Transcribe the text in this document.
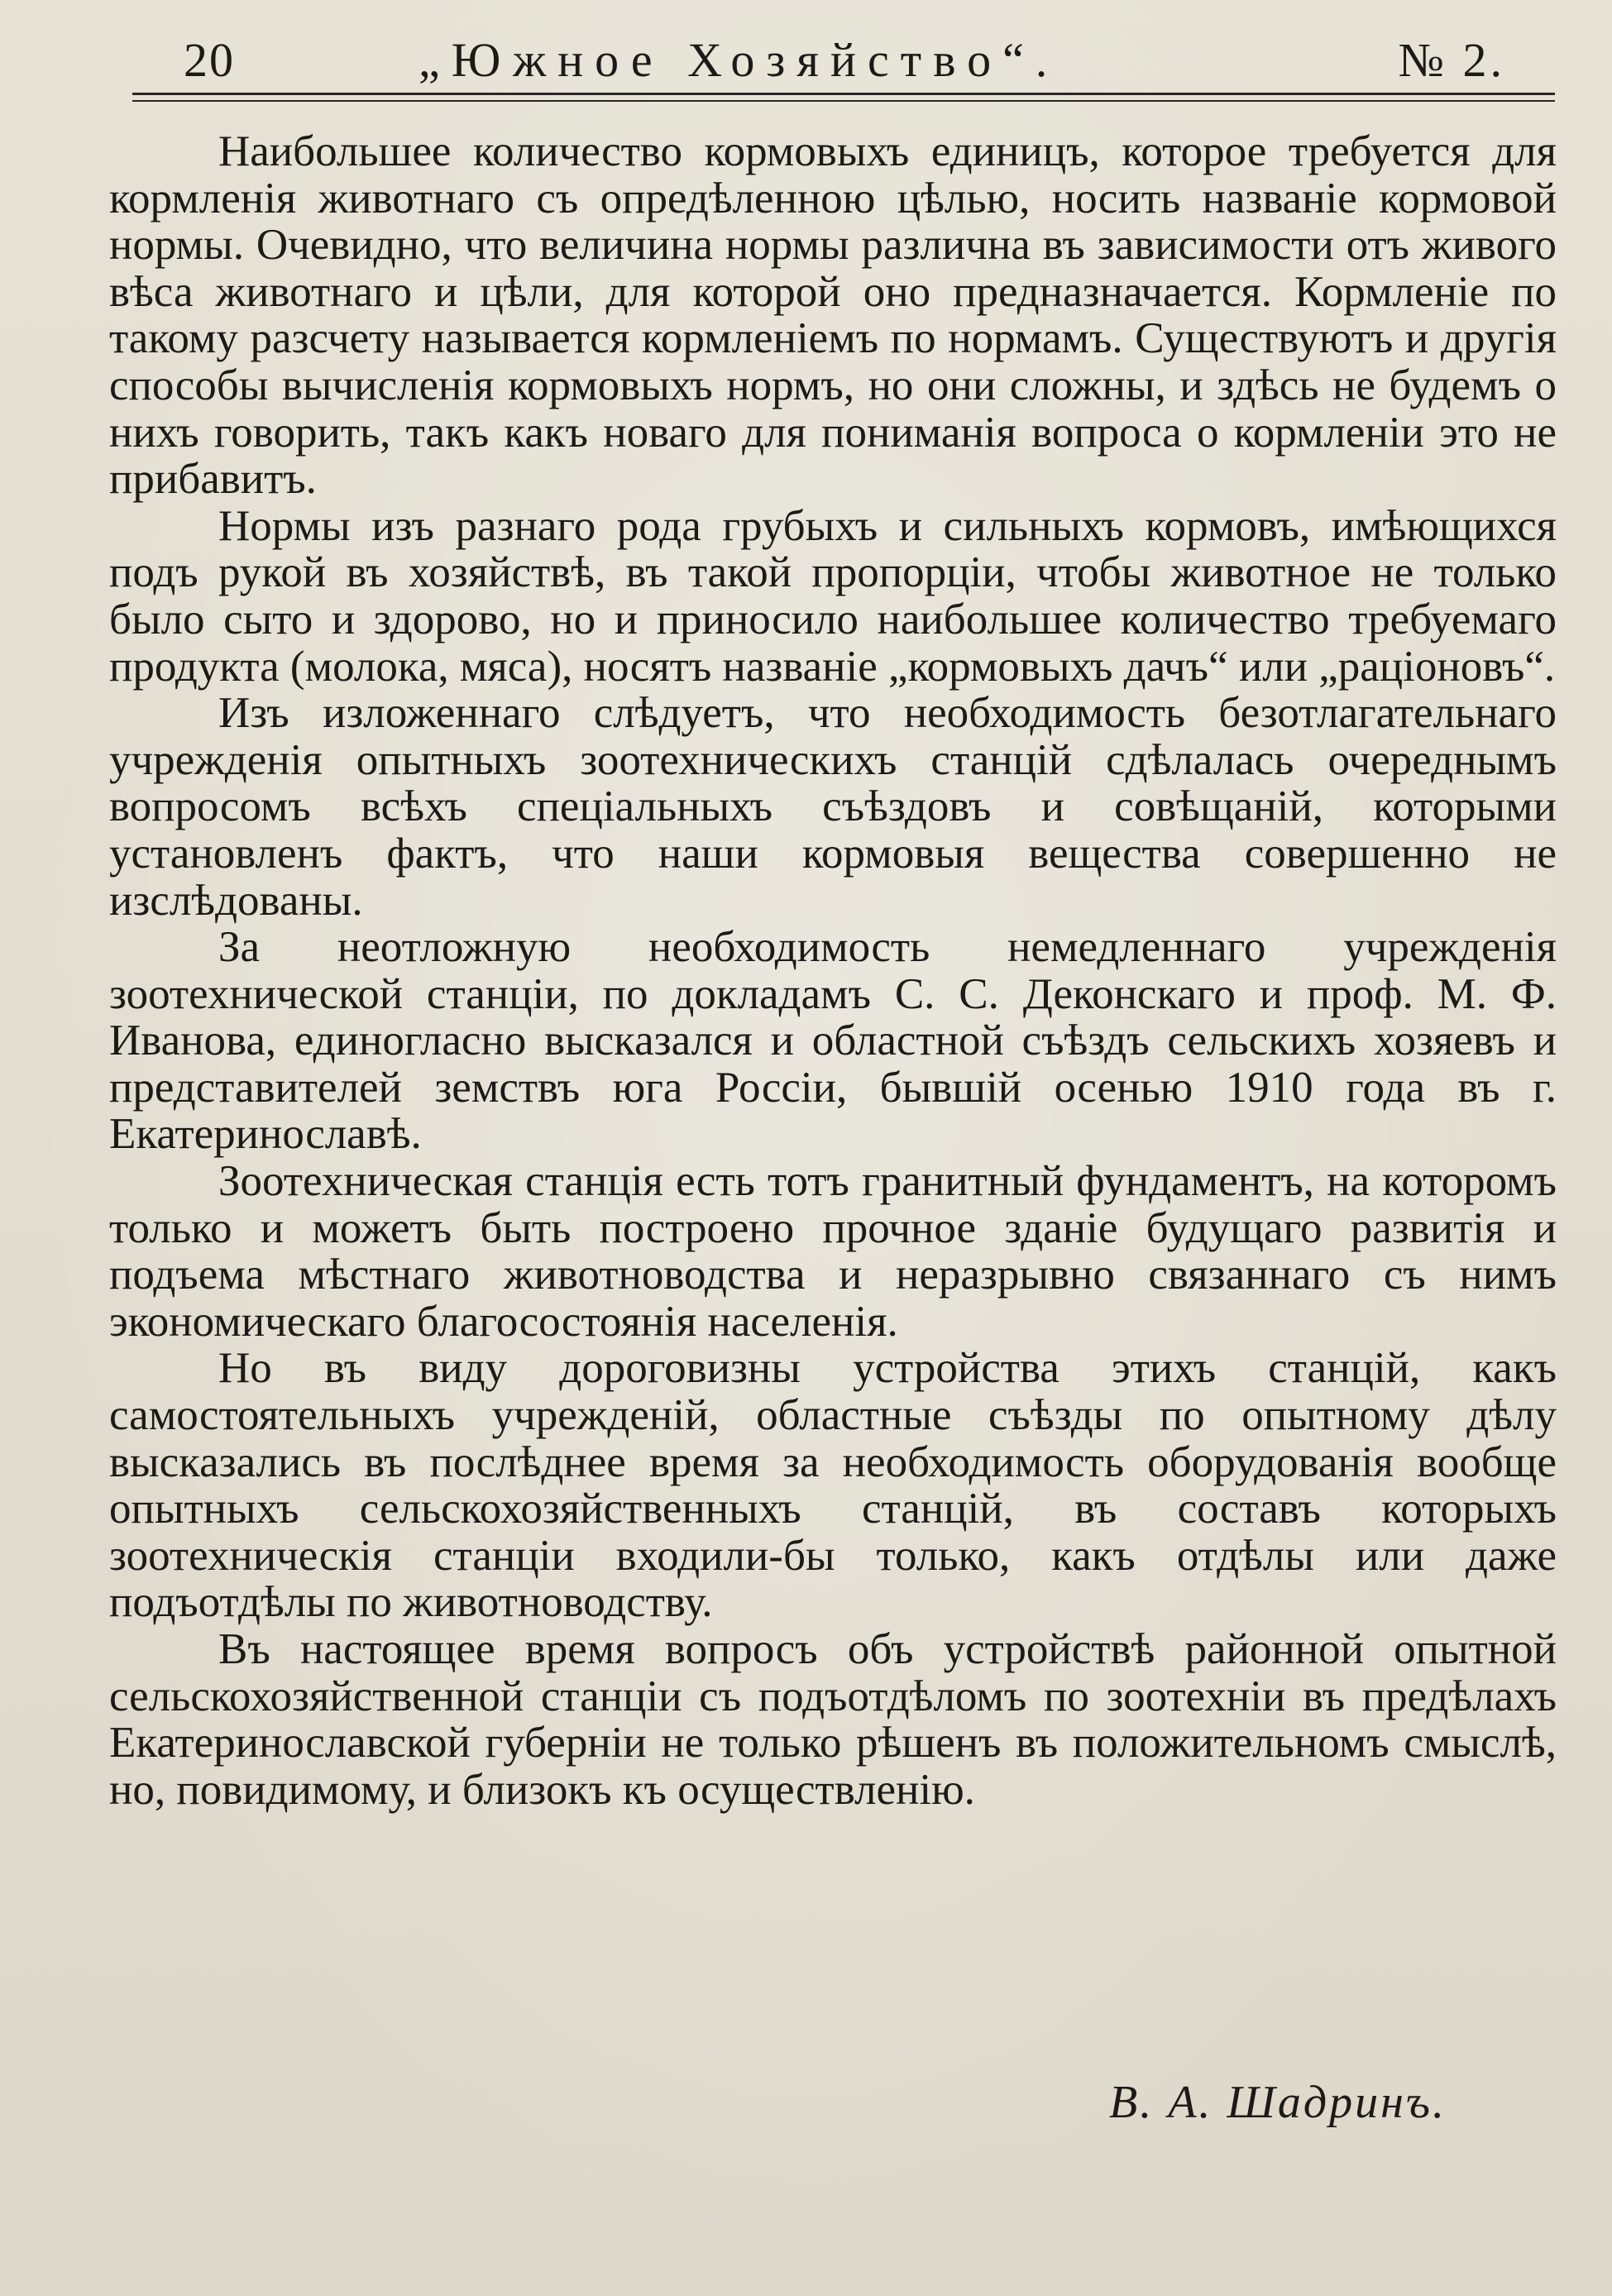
20	„Южное Хозяйство“.	№ 2.

Наибольшее количество кормовыхъ единицъ, которое требуется для кормленія животнаго съ опредѣленною цѣлью, носить названіе кормовой нормы. Очевидно, что величина нормы различна въ зависимости отъ живого вѣса животнаго и цѣли, для которой оно предназначается. Кормленіе по такому разсчету называется кормленіемъ по нормамъ. Существуютъ и другія способы вычисленія кормовыхъ нормъ, но они сложны, и здѣсь не будемъ о нихъ говорить, такъ какъ новаго для пониманія вопроса о кормленіи это не прибавитъ.

Нормы изъ разнаго рода грубыхъ и сильныхъ кормовъ, имѣющихся подъ рукой въ хозяйствѣ, въ такой пропорціи, чтобы животное не только было сыто и здорово, но и приносило наибольшее количество требуемаго продукта (молока, мяса), носятъ названіе „кормовыхъ дачъ“ или „раціоновъ“.

Изъ изложеннаго слѣдуетъ, что необходимость безотлагательнаго учрежденія опытныхъ зоотехническихъ станцій сдѣлалась очереднымъ вопросомъ всѣхъ спеціальныхъ съѣздовъ и совѣщаній, которыми установленъ фактъ, что наши кормовыя вещества совершенно не изслѣдованы.

За неотложную необходимость немедленнаго учрежденія зоотехнической станціи, по докладамъ С. С. Деконскаго и проф. М. Ф. Иванова, единогласно высказался и областной съѣздъ сельскихъ хозяевъ и представителей земствъ юга Россіи, бывшій осенью 1910 года въ г. Екатеринославѣ.

Зоотехническая станція есть тотъ гранитный фундаментъ, на которомъ только и можетъ быть построено прочное зданіе будущаго развитія и подъема мѣстнаго животноводства и неразрывно связаннаго съ нимъ экономическаго благосостоянія населенія.

Но въ виду дороговизны устройства этихъ станцій, какъ самостоятельныхъ учрежденій, областные съѣзды по опытному дѣлу высказались въ послѣднее время за необходимость оборудованія вообще опытныхъ сельскохозяйственныхъ станцій, въ составъ которыхъ зоотехническія станціи входили-бы только, какъ отдѣлы или даже подъотдѣлы по животноводству.

Въ настоящее время вопросъ объ устройствѣ районной опытной сельскохозяйственной станціи съ подъотдѣломъ по зоотехніи въ предѣлахъ Екатеринославской губерніи не только рѣшенъ въ положительномъ смыслѣ, но, повидимому, и близокъ къ осуществленію.

В. А. Шадринъ.
